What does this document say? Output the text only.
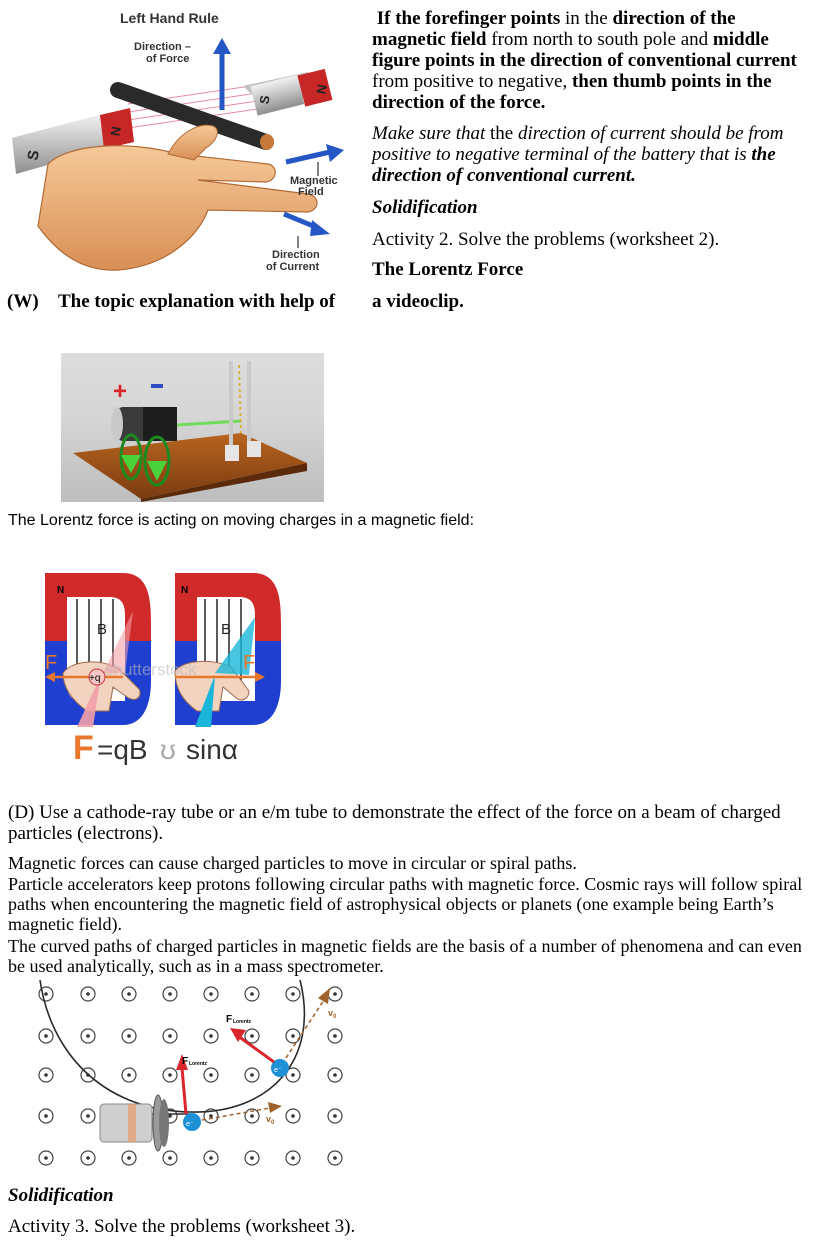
Left Hand Rule
S
N
S
N
Direction –
of Force
Magnetic
Field
Direction
of Current
If the forefinger points in the direction of the magnetic field from north to south pole and middle figure points in the direction of conventional current from positive to negative, then thumb points in the direction of the force.
Make sure that the direction of current should be from positive to negative terminal of the battery that is the direction of conventional current.
Solidification
Activity 2. Solve the problems (worksheet 2).
The Lorentz Force
(W) The topic explanation with help of a videoclip.
+
The Lorentz force is acting on moving charges in a magnetic field:
N	N
B	B
F	F
+q shutterstock
F =qB ʊ sinα
(D) Use a cathode-ray tube or an e/m tube to demonstrate the effect of the force on a beam of charged particles (electrons).
Magnetic forces can cause charged particles to move in circular or spiral paths.
Particle accelerators keep protons following circular paths with magnetic force. Cosmic rays will follow spiral paths when encountering the magnetic field of astrophysical objects or planets (one example being Earth’s magnetic field).
The curved paths of charged particles in magnetic fields are the basis of a number of phenomena and can even be used analytically, such as in a mass spectrometer.
e⁻
e⁻
F Lorentz
F Lorentz
v 0
v 0
Solidification
Activity 3. Solve the problems (worksheet 3).
